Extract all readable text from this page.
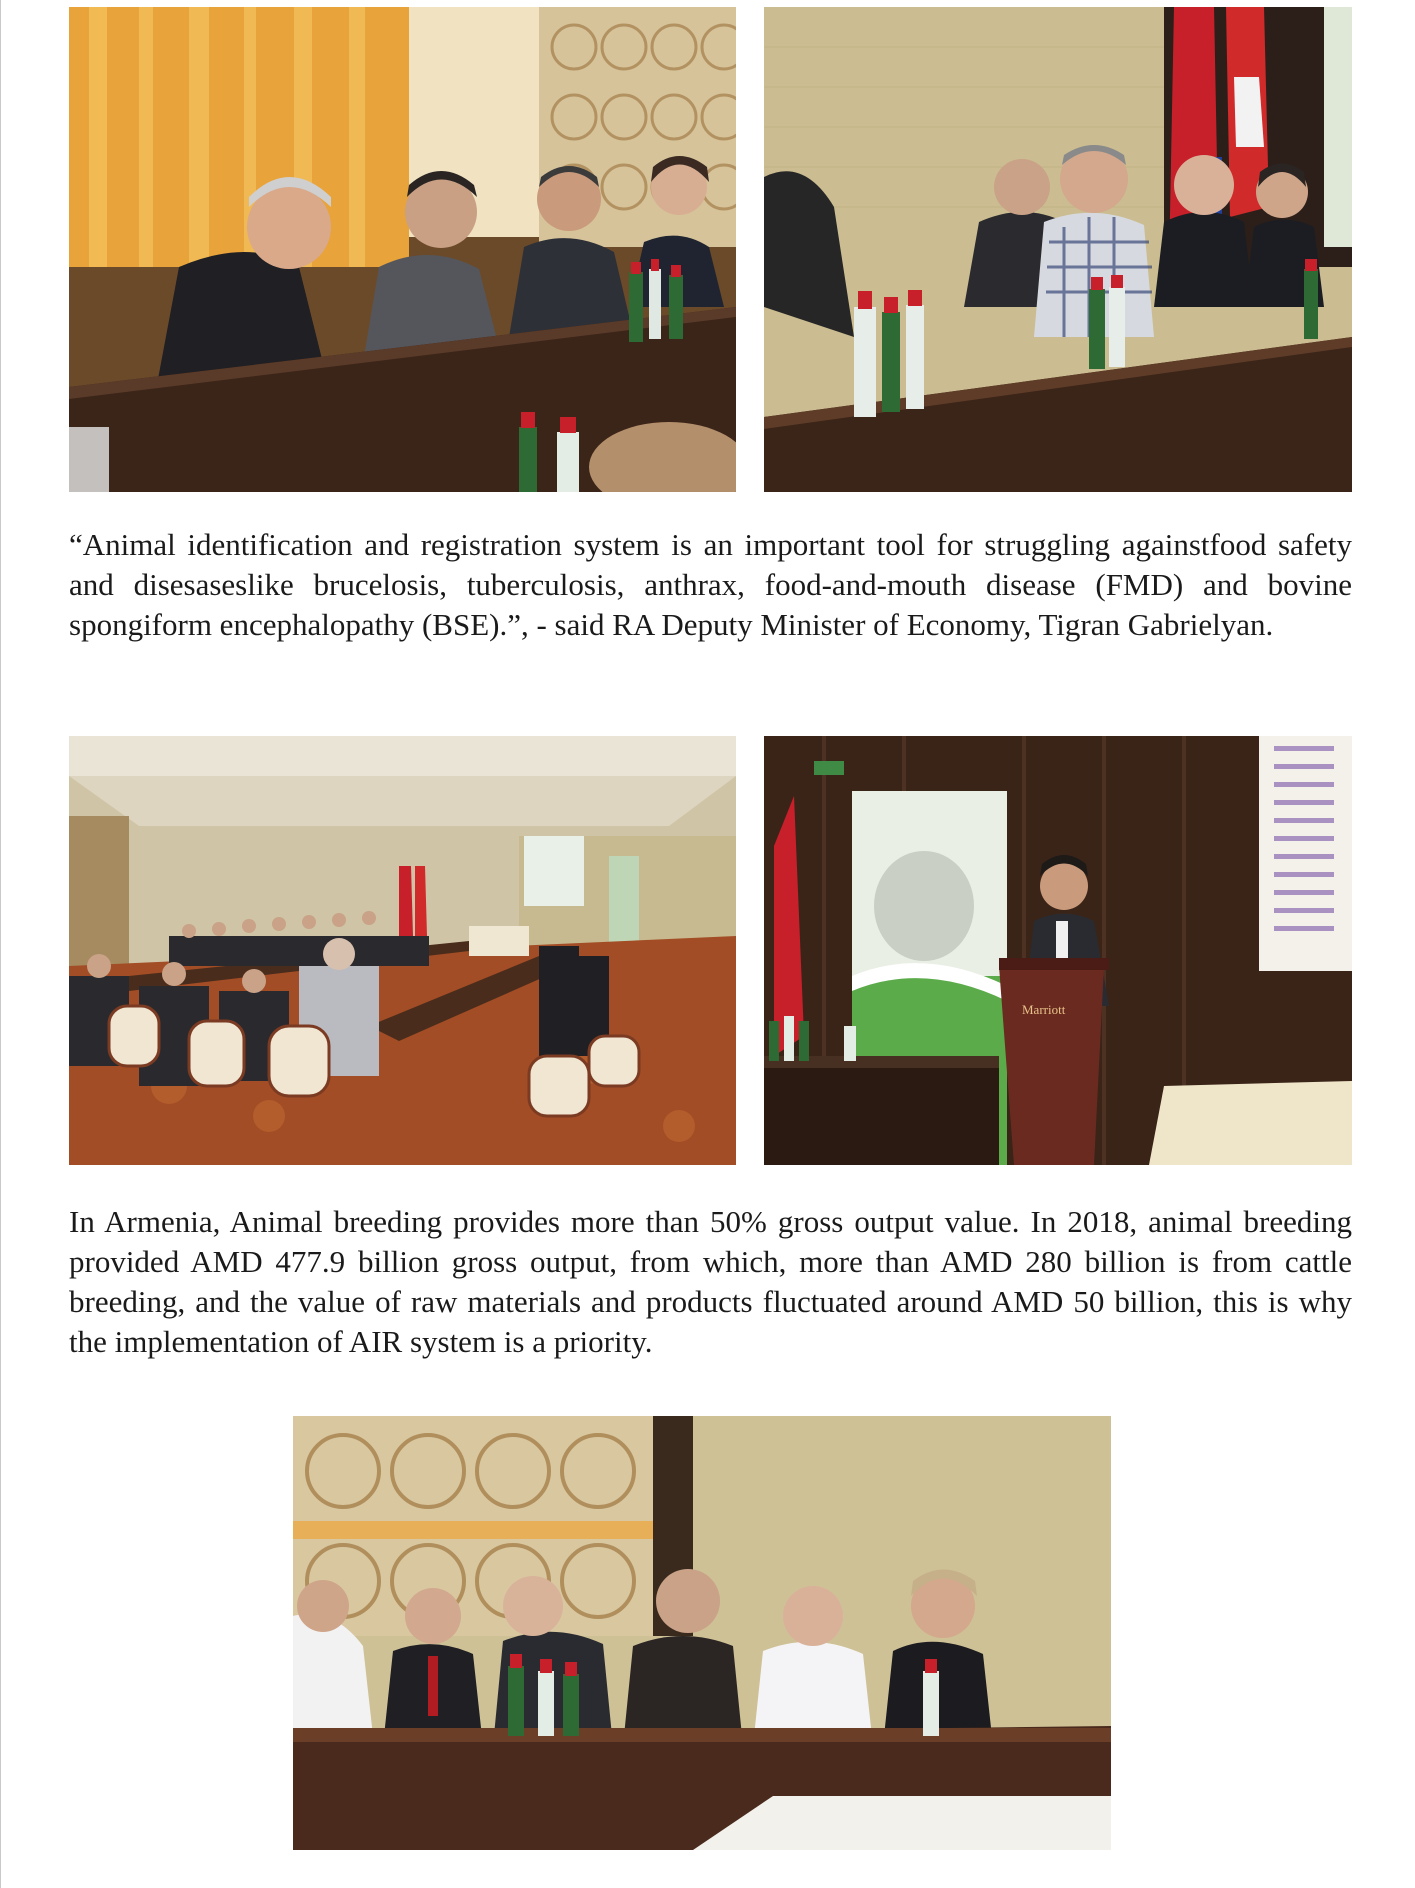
“Animal identification and registration system is an important tool for struggling againstfood safety and disesaseslike brucelosis, tuberculosis, anthrax, food-and-mouth disease (FMD) and bovine spongiform encephalopathy (BSE).”, - said RA Deputy Minister of Economy, Tigran Gabrielyan.

Marriott

In Armenia, Animal breeding provides more than 50% gross output value. In 2018, animal breeding provided AMD 477.9 billion gross output, from which, more than AMD 280 billion is from cattle breeding, and the value of raw materials and products fluctuated around AMD 50 billion, this is why the implementation of AIR system is a priority.
